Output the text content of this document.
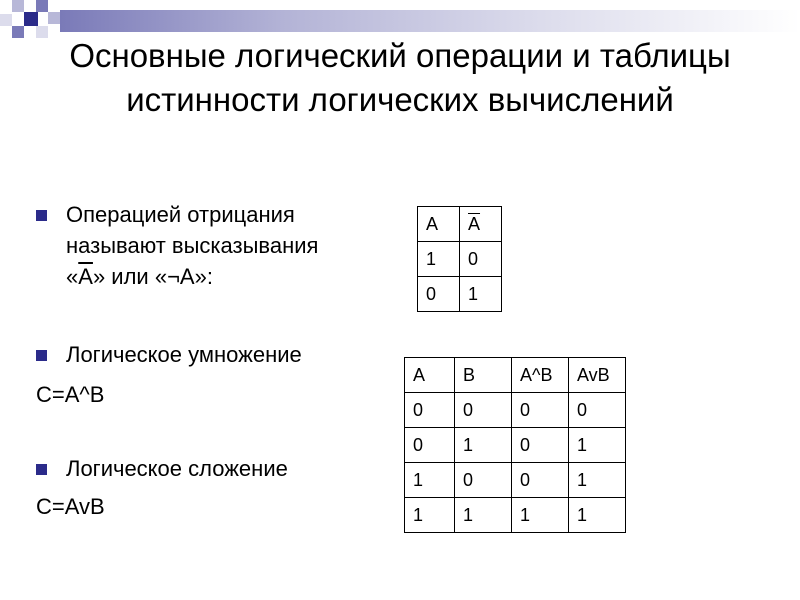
Основные логический операции и таблицы истинности логических вычислений
Операцией отрицания
называют высказывания
«$\overline{A}$» или «¬A»:
Логическое умножение
C=A^B
Логическое сложение
C=AvB
A	$\overline{A}$
1	0
0	1
A	B	A^B	AvB
0	0	0	0
0	1	0	1
1	0	0	1
1	1	1	1
